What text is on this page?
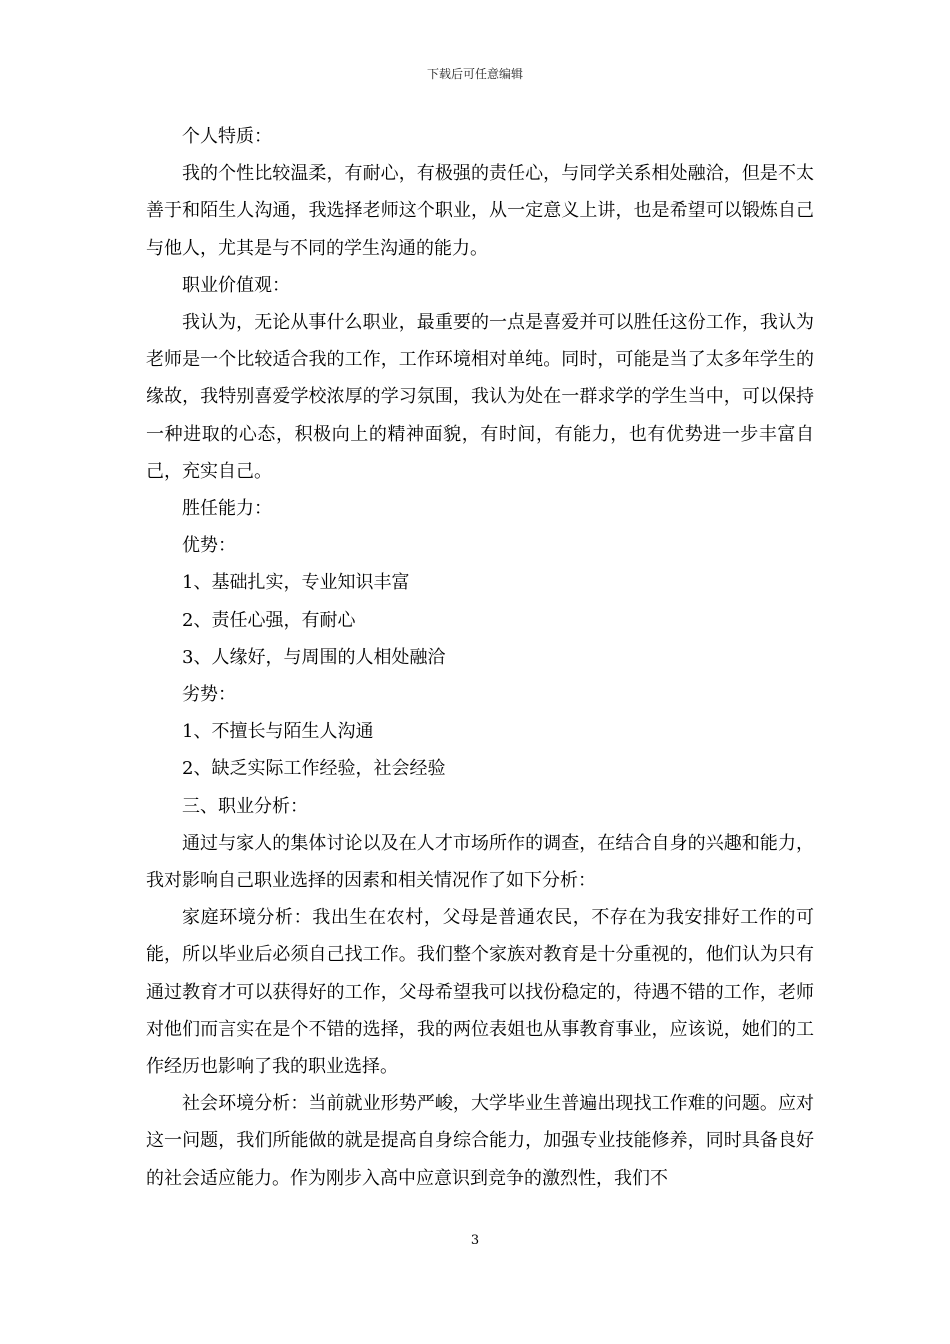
下载后可任意编辑

个人特质：

我的个性比较温柔，有耐心，有极强的责任心，与同学关系相处融洽，但是不太善于和陌生人沟通，我选择老师这个职业，从一定意义上讲，也是希望可以锻炼自己与他人，尤其是与不同的学生沟通的能力。

职业价值观：

我认为，无论从事什么职业，最重要的一点是喜爱并可以胜任这份工作，我认为老师是一个比较适合我的工作，工作环境相对单纯。同时，可能是当了太多年学生的缘故，我特别喜爱学校浓厚的学习氛围，我认为处在一群求学的学生当中，可以保持一种进取的心态，积极向上的精神面貌，有时间，有能力，也有优势进一步丰富自己，充实自己。

胜任能力：

优势：

1、基础扎实，专业知识丰富

2、责任心强，有耐心

3、人缘好，与周围的人相处融洽

劣势：

1、不擅长与陌生人沟通

2、缺乏实际工作经验，社会经验

三、职业分析：

通过与家人的集体讨论以及在人才市场所作的调查，在结合自身的兴趣和能力，我对影响自己职业选择的因素和相关情况作了如下分析：

家庭环境分析：我出生在农村，父母是普通农民，不存在为我安排好工作的可能，所以毕业后必须自己找工作。我们整个家族对教育是十分重视的，他们认为只有通过教育才可以获得好的工作，父母希望我可以找份稳定的，待遇不错的工作，老师对他们而言实在是个不错的选择，我的两位表姐也从事教育事业，应该说，她们的工作经历也影响了我的职业选择。

社会环境分析：当前就业形势严峻，大学毕业生普遍出现找工作难的问题。应对这一问题，我们所能做的就是提高自身综合能力，加强专业技能修养，同时具备良好的社会适应能力。作为刚步入高中应意识到竞争的激烈性，我们不

3
